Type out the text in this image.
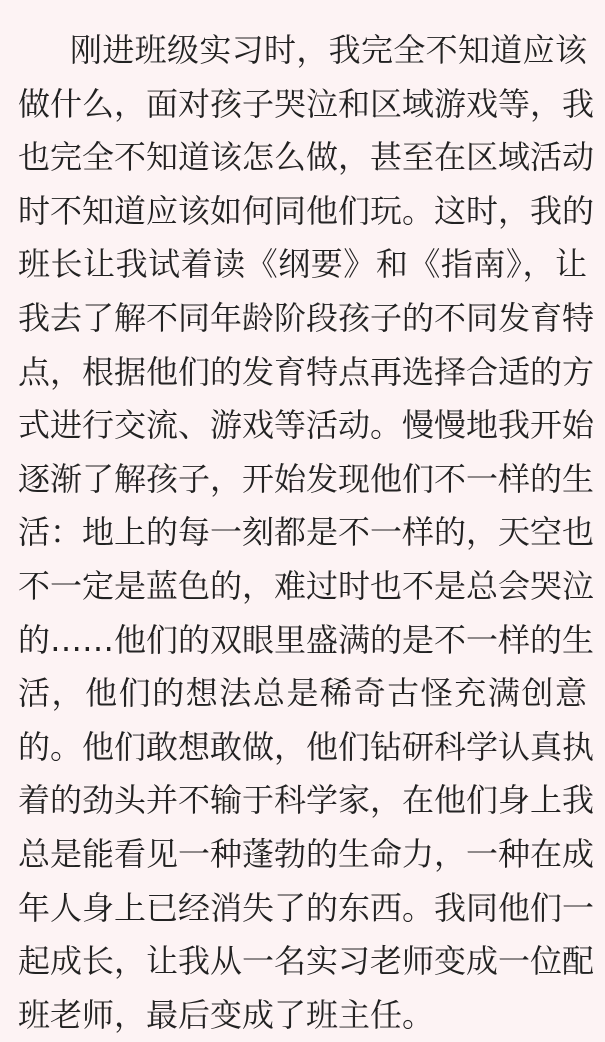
刚进班级实习时，我完全不知道应该
做什么，面对孩子哭泣和区域游戏等，我
也完全不知道该怎么做，甚至在区域活动
时不知道应该如何同他们玩。这时，我的
班长让我试着读《纲要》和《指南》，让
我去了解不同年龄阶段孩子的不同发育特
点，根据他们的发育特点再选择合适的方
式进行交流、游戏等活动。慢慢地我开始
逐渐了解孩子，开始发现他们不一样的生
活：地上的每一刻都是不一样的，天空也
不一定是蓝色的，难过时也不是总会哭泣
的……他们的双眼里盛满的是不一样的生
活，他们的想法总是稀奇古怪充满创意
的。他们敢想敢做，他们钻研科学认真执
着的劲头并不输于科学家，在他们身上我
总是能看见一种蓬勃的生命力，一种在成
年人身上已经消失了的东西。我同他们一
起成长，让我从一名实习老师变成一位配
班老师，最后变成了班主任。
